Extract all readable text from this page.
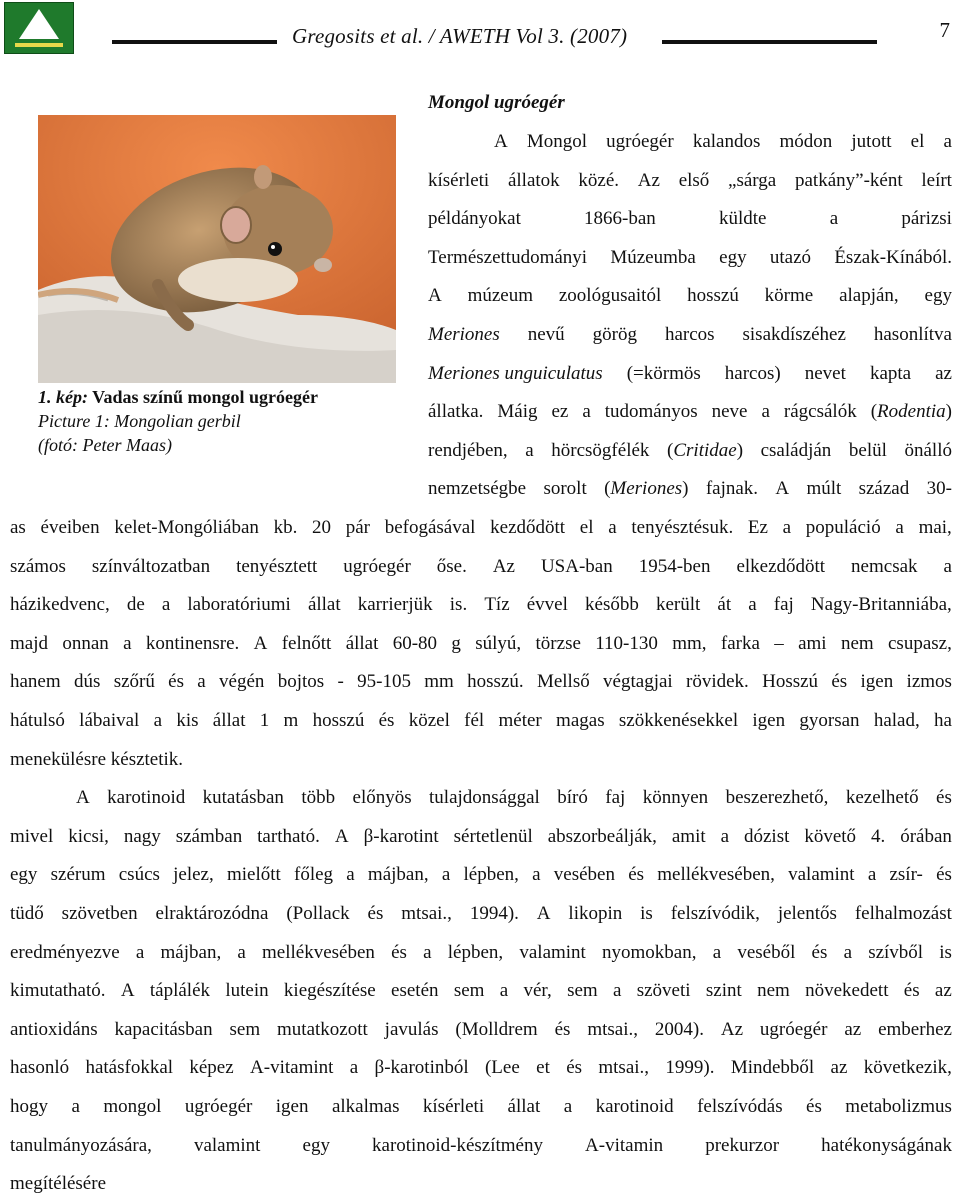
Gregosits et al. / AWETH Vol 3. (2007)	7
1. kép: Vadas színű mongol ugróegér
Picture 1: Mongolian gerbil
(fotó: Peter Maas)
Mongol ugróegér
A Mongol ugróegér kalandos módon jutott el a
kísérleti állatok közé. Az első „sárga patkány”-ként leírt
példányokat	1866-ban	küldte	a	párizsi
Természettudományi Múzeumba egy utazó Észak-Kínából.
A múzeum zoológusaitól hosszú körme alapján, egy
Meriones nevű görög harcos sisakdíszéhez hasonlítva
Meriones unguiculatus (=körmös harcos) nevet kapta az
állatka. Máig ez a tudományos neve a rágcsálók (Rodentia)
rendjében, a hörcsögfélék (Critidae) családján belül önálló
nemzetségbe sorolt (Meriones) fajnak. A múlt század 30-
as éveiben kelet-Mongóliában kb. 20 pár befogásával kezdődött el a tenyésztésuk. Ez a populáció a mai,
számos színváltozatban tenyésztett ugróegér őse. Az USA-ban 1954-ben elkezdődött nemcsak a
házikedvenc, de a laboratóriumi állat karrierjük is. Tíz évvel később került át a faj Nagy-Britanniába,
majd onnan a kontinensre. A felnőtt állat 60-80 g súlyú, törzse 110-130 mm, farka – ami nem csupasz,
hanem dús szőrű és a végén bojtos - 95-105 mm hosszú. Mellső végtagjai rövidek. Hosszú és igen izmos
hátulsó lábaival a kis állat 1 m hosszú és közel fél méter magas szökkenésekkel igen gyorsan halad, ha
menekülésre késztetik.
A karotinoid kutatásban több előnyös tulajdonsággal bíró faj könnyen beszerezhető, kezelhető és
mivel kicsi, nagy számban tartható. A β-karotint sértetlenül abszorbeálják, amit a dózist követő 4. órában
egy szérum csúcs jelez, mielőtt főleg a májban, a lépben, a vesében és mellékvesében, valamint a zsír- és
tüdő szövetben elraktározódna (Pollack és mtsai., 1994). A likopin is felszívódik, jelentős felhalmozást
eredményezve a májban, a mellékvesében és a lépben, valamint nyomokban, a veséből és a szívből is
kimutatható. A táplálék lutein kiegészítése esetén sem a vér, sem a szöveti szint nem növekedett és az
antioxidáns kapacitásban sem mutatkozott javulás (Molldrem és mtsai., 2004). Az ugróegér az emberhez
hasonló hatásfokkal képez A-vitamint a β-karotinból (Lee et és mtsai., 1999). Mindebből az következik,
hogy a mongol ugróegér igen alkalmas kísérleti állat a karotinoid felszívódás és metabolizmus
tanulmányozására, valamint egy karotinoid-készítmény A-vitamin prekurzor hatékonyságának
megítélésére
